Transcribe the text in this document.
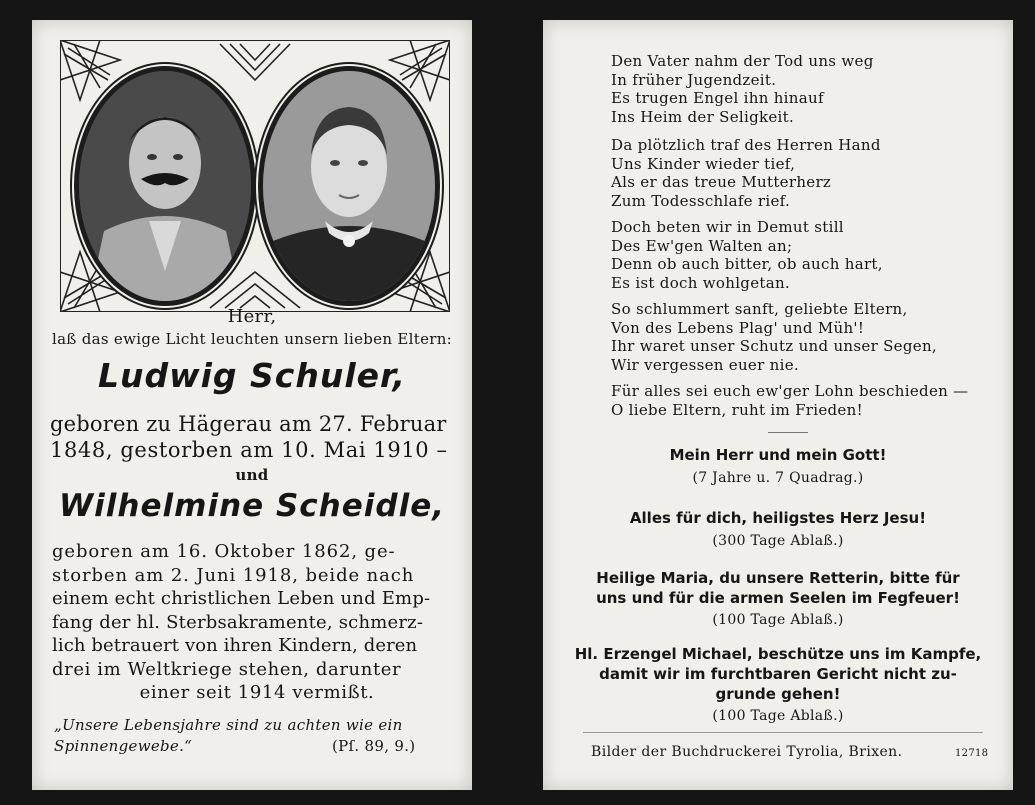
Herr,
laß das ewige Licht leuchten unsern lieben Eltern:
Ludwig Schuler,
geboren zu Hägerau am 27. Februar
1848, gestorben am 10. Mai 1910 –
und
Wilhelmine Scheidle,
geboren am 16. Oktober 1862, ge-
storben am 2. Juni 1918, beide nach
einem echt christlichen Leben und Emp-
fang der hl. Sterbsakramente, schmerz-
lich betrauert von ihren Kindern, deren
drei im Weltkriege stehen, darunter
einer seit 1914 vermißt.
„Unsere Lebensjahre sind zu achten wie ein
Spinnengewebe.“	(Pſ. 89, 9.)
Den Vater nahm der Tod uns weg
In früher Jugendzeit.
Es trugen Engel ihn hinauf
Ins Heim der Seligkeit.
Da plötzlich traf des Herren Hand
Uns Kinder wieder tief,
Als er das treue Mutterherz
Zum Todesschlafe rief.
Doch beten wir in Demut still
Des Ew'gen Walten an;
Denn ob auch bitter, ob auch hart,
Es ist doch wohlgetan.
So schlummert sanft, geliebte Eltern,
Von des Lebens Plag' und Müh'!
Ihr waret unser Schutz und unser Segen,
Wir vergessen euer nie.
Für alles sei euch ew'ger Lohn beschieden —
O liebe Eltern, ruht im Frieden!
Mein Herr und mein Gott!
(7 Jahre u. 7 Quadrag.)
Alles für dich, heiligstes Herz Jesu!
(300 Tage Ablaß.)
Heilige Maria, du unsere Retterin, bitte für
uns und für die armen Seelen im Fegfeuer!
(100 Tage Ablaß.)
Hl. Erzengel Michael, beschütze uns im Kampfe,
damit wir im furchtbaren Gericht nicht zu-
grunde gehen!
(100 Tage Ablaß.)
Bilder der Buchdruckerei Tyrolia, Brixen.	12718
